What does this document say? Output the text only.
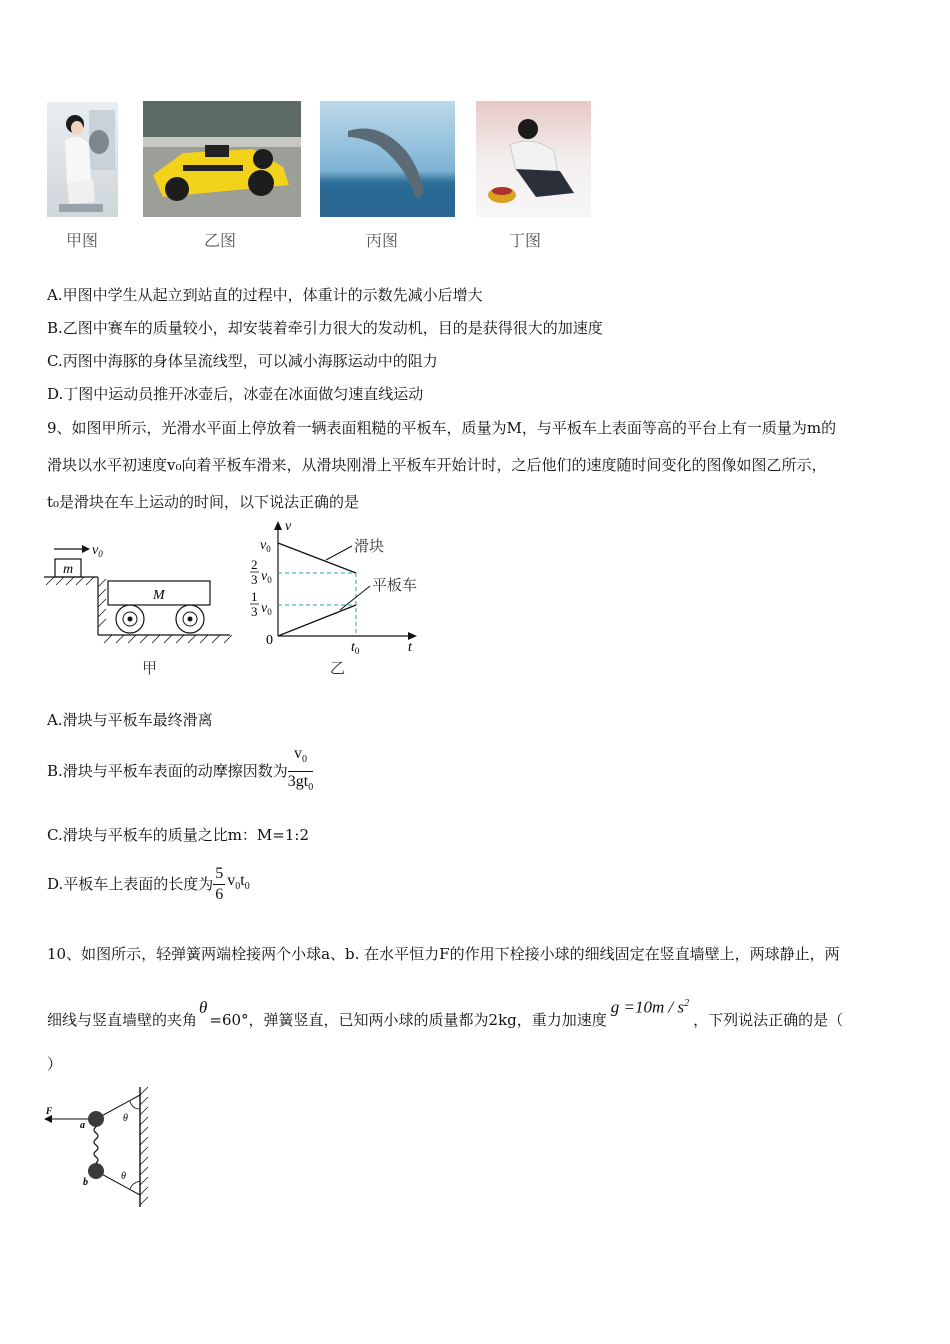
甲图	乙图	丙图	丁图
A.甲图中学生从起立到站直的过程中，体重计的示数先减小后增大
B.乙图中赛车的质量较小，却安装着牵引力很大的发动机，目的是获得很大的加速度
C.丙图中海豚的身体呈流线型，可以减小海豚运动中的阻力
D.丁图中运动员推开冰壶后，冰壶在冰面做匀速直线运动
9、如图甲所示，光滑水平面上停放着一辆表面粗糙的平板车，质量为M，与平板车上表面等高的平台上有一质量为m的
滑块以水平初速度v₀向着平板车滑来，从滑块刚滑上平板车开始计时，之后他们的速度随时间变化的图像如图乙所示，
t₀是滑块在车上运动的时间，以下说法正确的是
$v_0$
m
M
甲
v
t
0
$v_0$
2
3 $v_0$
1
3 $v_0$
滑块
平板车
$t_0$
乙
A.滑块与平板车最终滑离
B.滑块与平板车表面的动摩擦因数为 $\frac{v_0}{3gt_0}$
C.滑块与平板车的质量之比m：M=1:2
D.平板车上表面的长度为 $\frac{5}{6} v_0t_0$
10、如图所示，轻弹簧两端栓接两个小球a、b. 在水平恒力F的作用下栓接小球的细线固定在竖直墙壁上，两球静止，两
细线与竖直墙壁的夹角
θ
=60°，弹簧竖直，已知两小球的质量都为2kg，重力加速度
$g =10m / s^2$
，下列说法正确的是（
）
θ
θ
F
a
b
